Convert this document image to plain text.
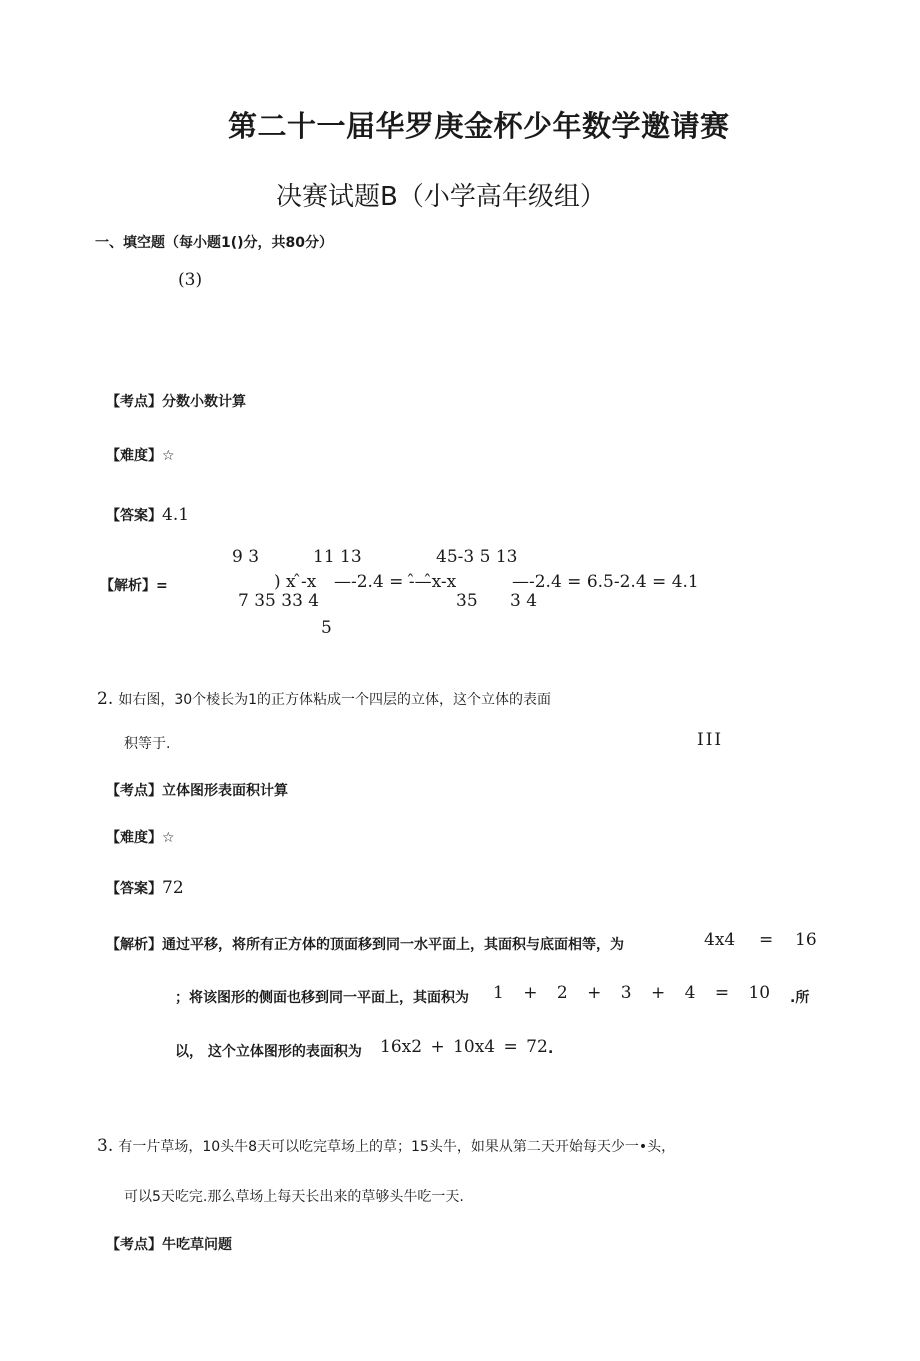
第二十一届华罗庚金杯少年数学邀请赛
决赛试题B（小学高年级组）
一、填空题（每小题1()分，共80分）
(3)
【考点】分数小数计算
【难度】☆
【答案】4.1
【解析】=
9 3	11 13	45-3 5 13
) x ̂-x —-2.4 = -̂—̂x-x	—-2.4 = 6.5-2.4 = 4.1
7 35 33 4	35 3 4
5
2. 如右图，30个棱长为1的正方体粘成一个四层的立体，这个立体的表面
积等于.	III
【考点】立体图形表面积计算
【难度】☆
【答案】72
【解析】通过平移，将所有正方体的顶面移到同一水平面上，其面积与底面相等，为	4x4 = 16
；将该图形的侧面也移到同一平面上，其面积为 1 + 2 + 3 + 4 = 10 .所
以， 这个立体图形的表面积为 16x2 + 10x4 = 72 .
3. 有一片草场，10头牛8天可以吃完草场上的草；15头牛，如果从第二天开始每天少一•头，
可以5天吃完.那么草场上每天长出来的草够头牛吃一天.
【考点】牛吃草问题
